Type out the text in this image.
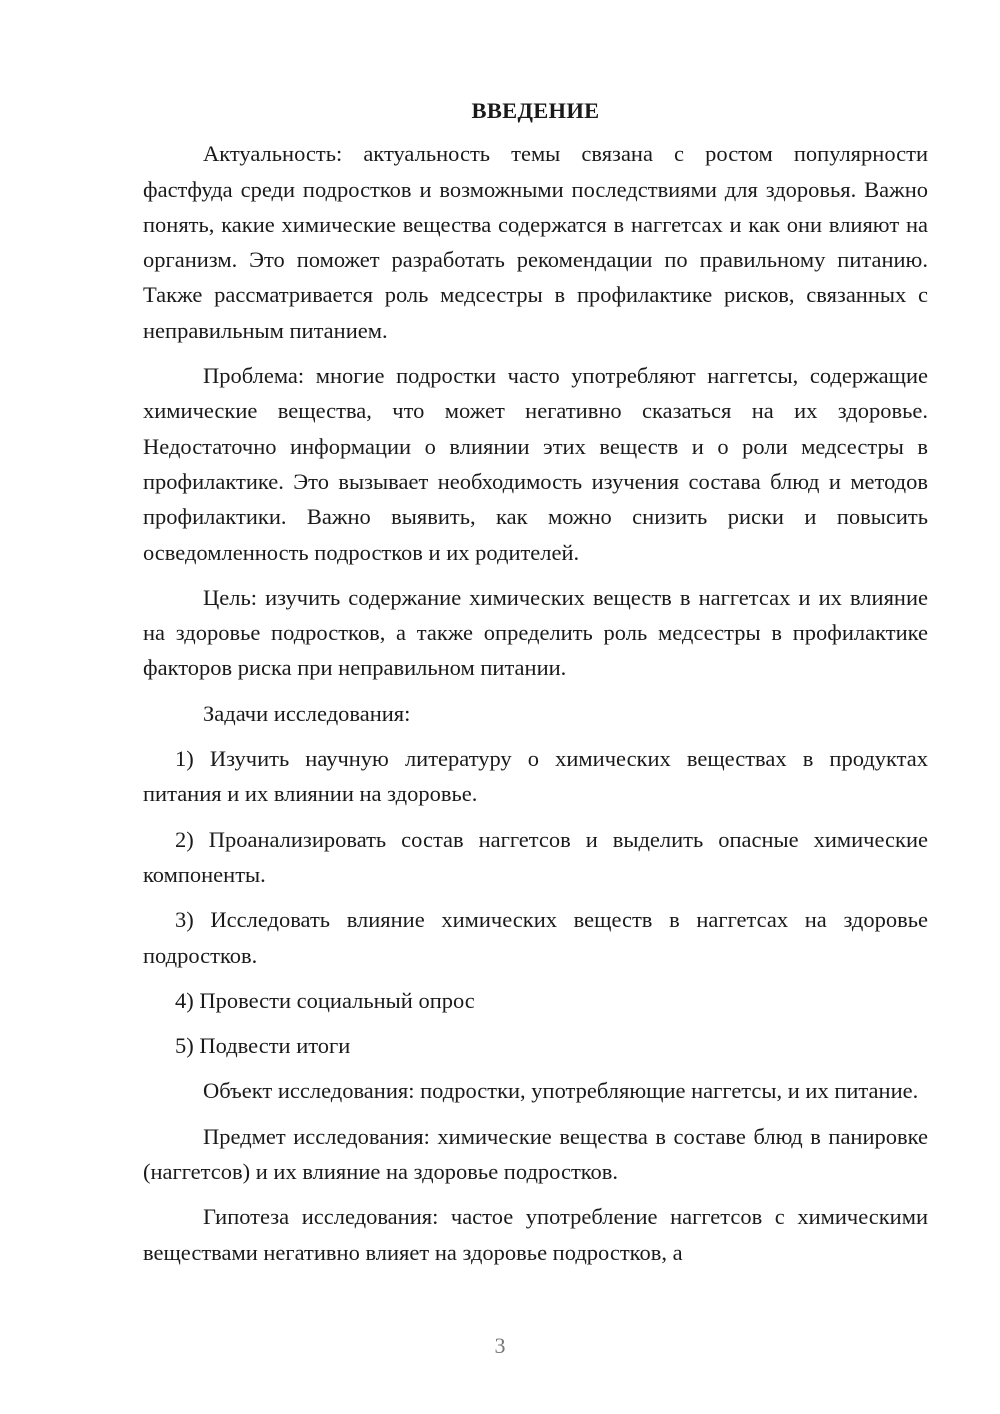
ВВЕДЕНИЕ

Актуальность: актуальность темы связана с ростом популярности фастфуда среди подростков и возможными последствиями для здоровья. Важно понять, какие химические вещества содержатся в наггетсах и как они влияют на организм. Это поможет разработать рекомендации по правильному питанию. Также рассматривается роль медсестры в профилактике рисков, связанных с неправильным питанием.

Проблема: многие подростки часто употребляют наггетсы, содержащие химические вещества, что может негативно сказаться на их здоровье. Недостаточно информации о влиянии этих веществ и о роли медсестры в профилактике. Это вызывает необходимость изучения состава блюд и методов профилактики. Важно выявить, как можно снизить риски и повысить осведомленность подростков и их родителей.

Цель: изучить содержание химических веществ в наггетсах и их влияние на здоровье подростков, а также определить роль медсестры в профилактике факторов риска при неправильном питании.

Задачи исследования:

1) Изучить научную литературу о химических веществах в продуктах питания и их влиянии на здоровье.

2) Проанализировать состав наггетсов и выделить опасные химические компоненты.

3) Исследовать влияние химических веществ в наггетсах на здоровье подростков.

4) Провести социальный опрос

5) Подвести итоги

Объект исследования: подростки, употребляющие наггетсы, и их питание.

Предмет исследования: химические вещества в составе блюд в панировке (наггетсов) и их влияние на здоровье подростков.

Гипотеза исследования: частое употребление наггетсов с химическими веществами негативно влияет на здоровье подростков, а

3
